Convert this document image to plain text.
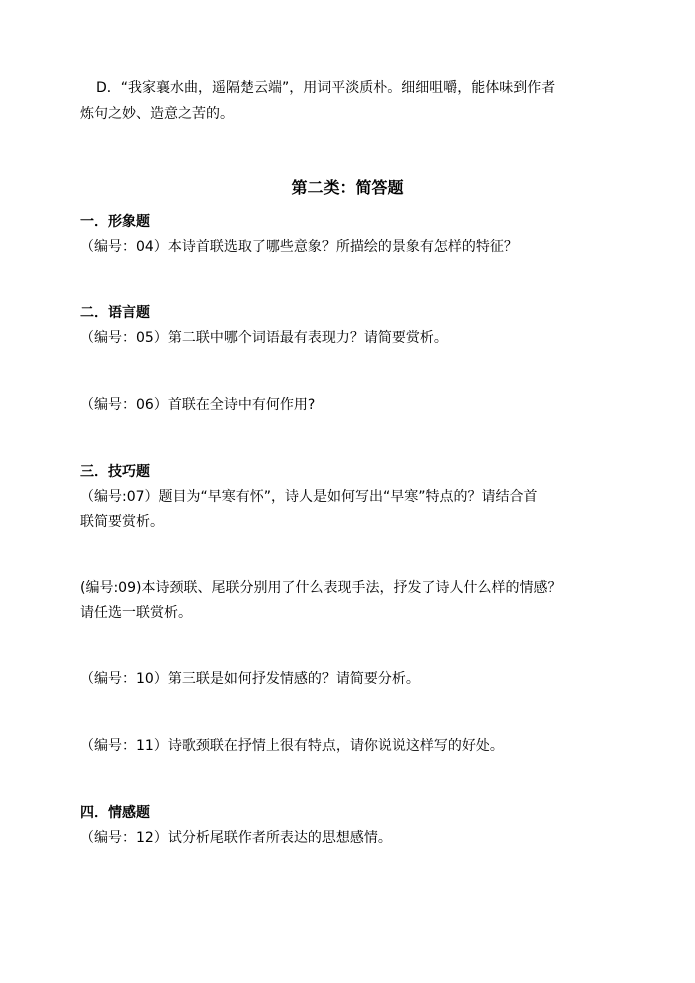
D．“我家襄水曲，遥隔楚云端”，用词平淡质朴。细细咀嚼，能体味到作者
炼句之妙、造意之苦的。
第二类：简答题
一．形象题
（编号：04）本诗首联选取了哪些意象？所描绘的景象有怎样的特征？
二．语言题
（编号：05）第二联中哪个词语最有表现力？请简要赏析。
（编号：06）首联在全诗中有何作用?
三．技巧题
（编号:07）题目为“早寒有怀”，诗人是如何写出“早寒”特点的？请结合首
联简要赏析。
(编号:09)本诗颈联、尾联分别用了什么表现手法，抒发了诗人什么样的情感？
请任选一联赏析。
（编号：10）第三联是如何抒发情感的？请简要分析。
（编号：11）诗歌颈联在抒情上很有特点，请你说说这样写的好处。
四．情感题
（编号：12）试分析尾联作者所表达的思想感情。
